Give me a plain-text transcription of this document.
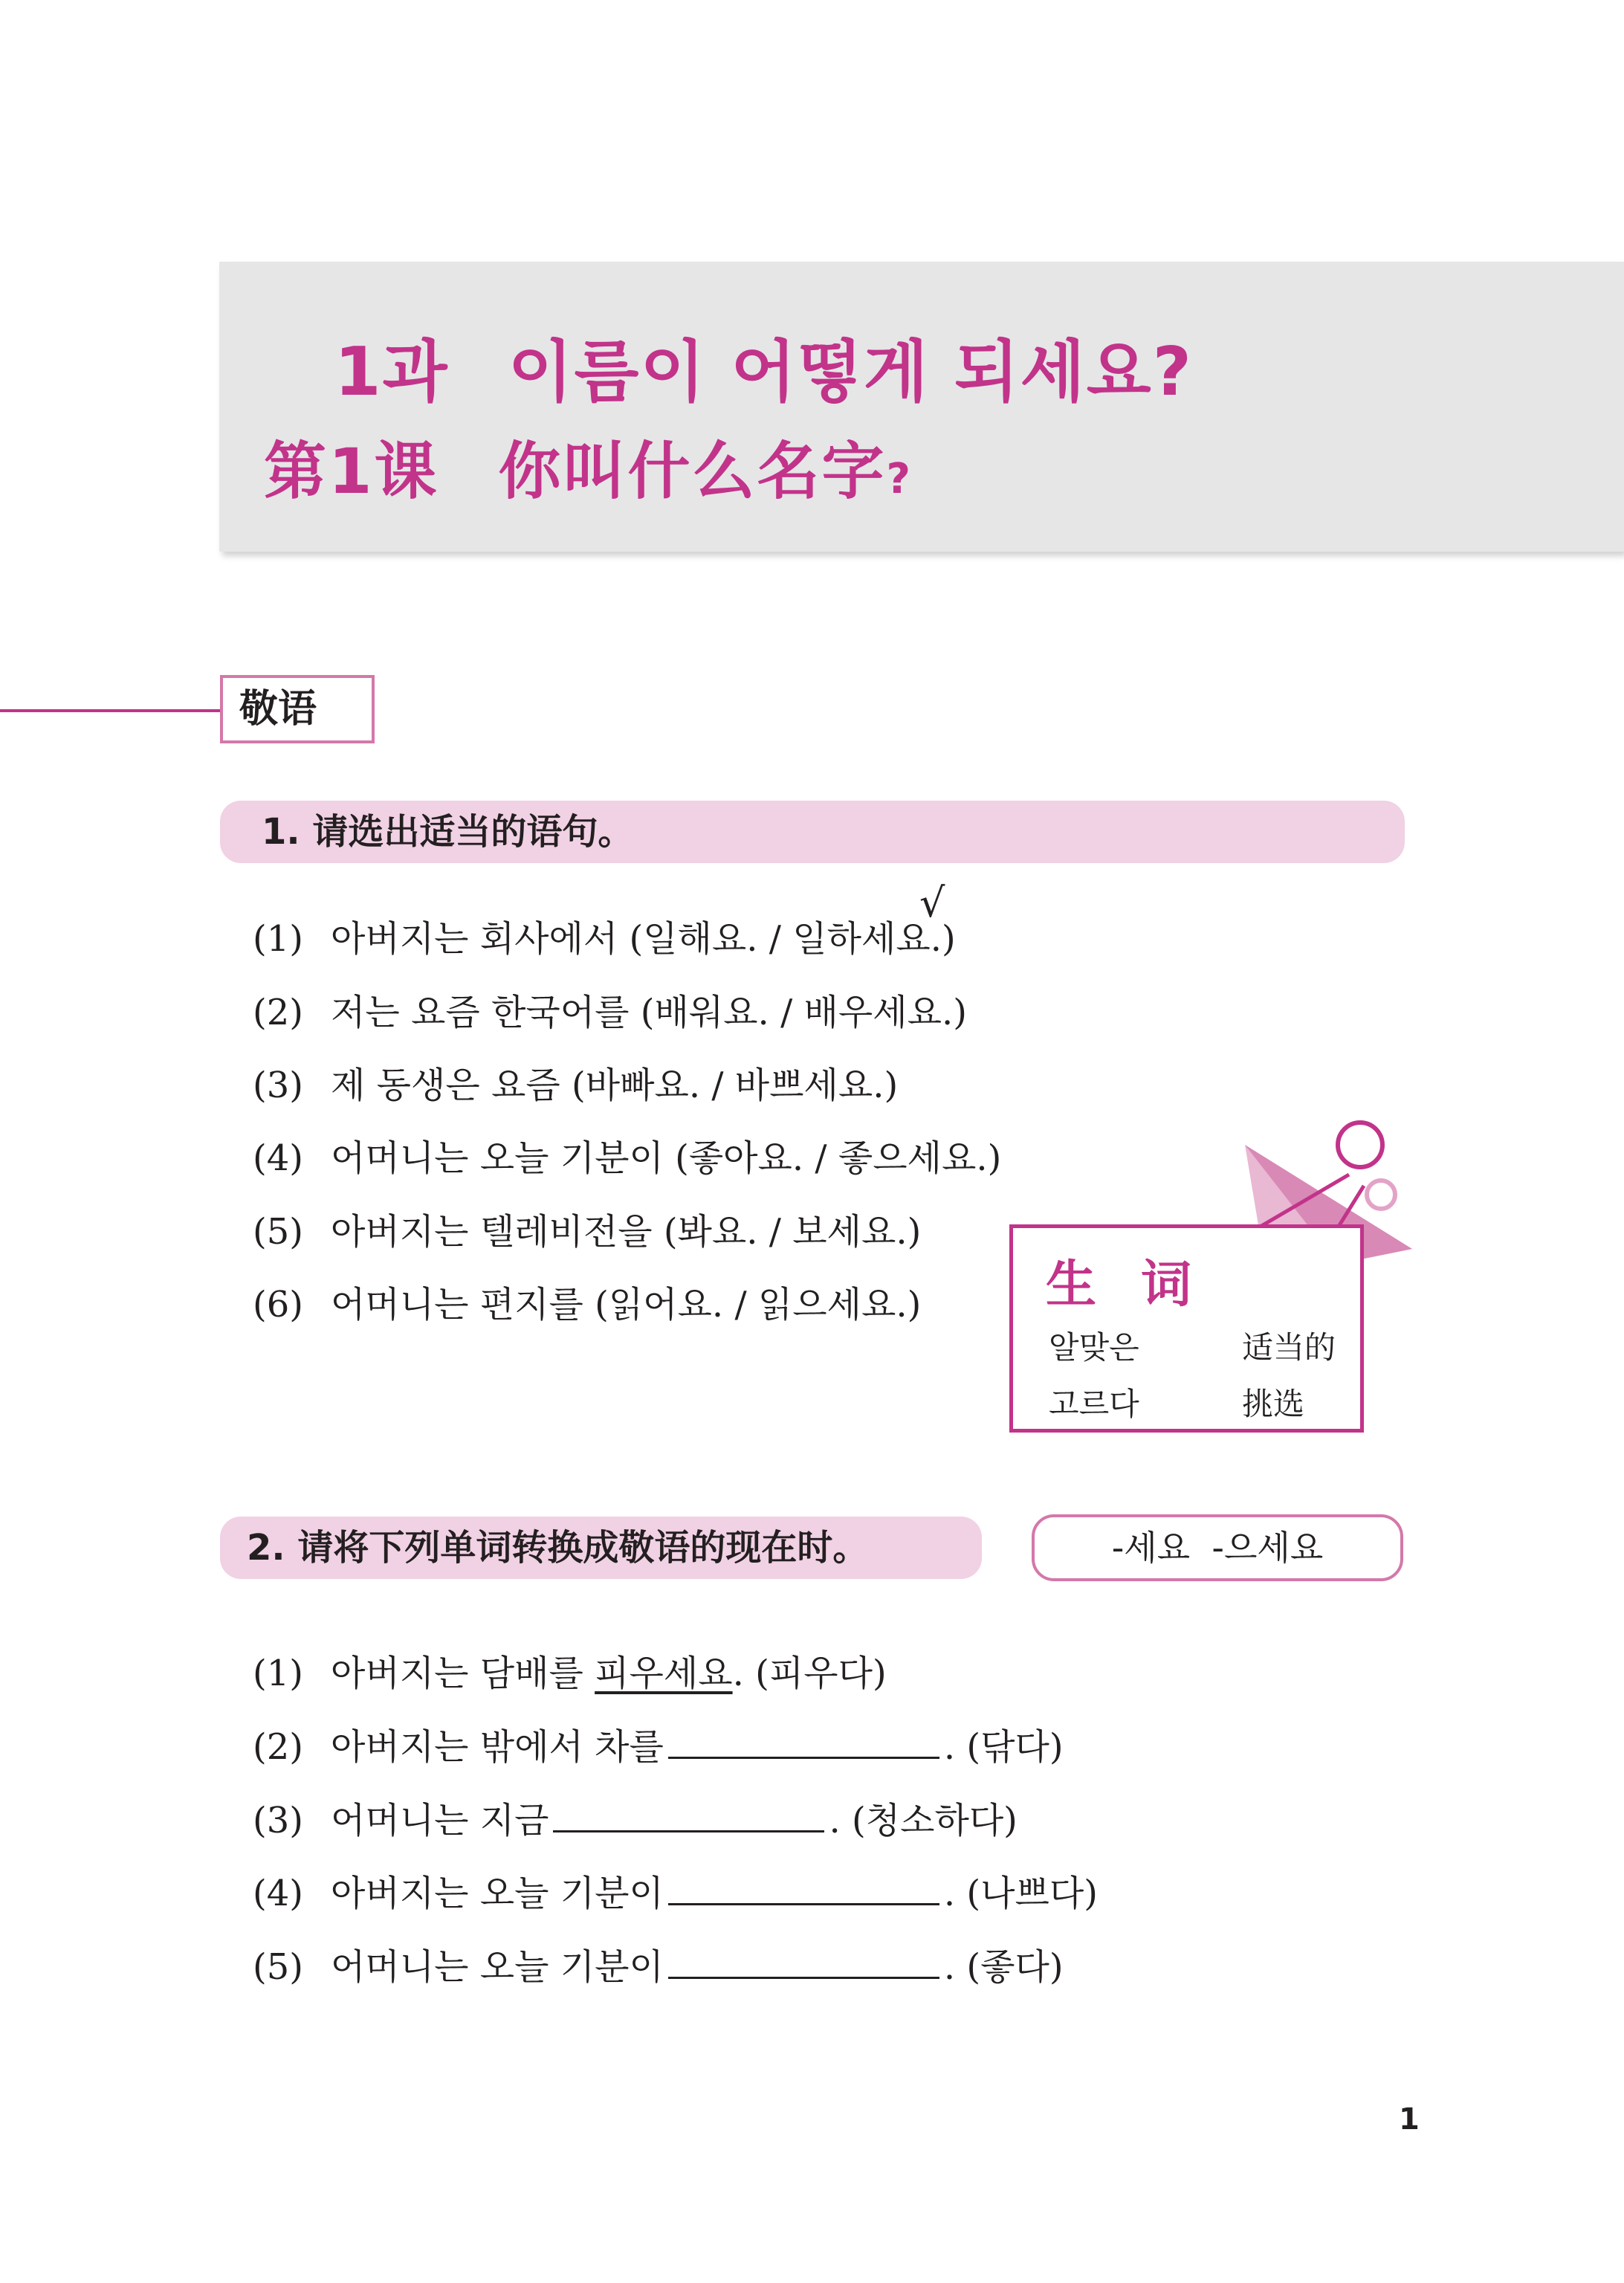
1과 이름이 어떻게 되세요?
第1课 你叫什么名字?
敬语
1. 请选出适当的语句。
√
(1) 아버지는 회사에서 (일해요. / 일하세요.)
(2) 저는 요즘 한국어를 (배워요. / 배우세요.)
(3) 제 동생은 요즘 (바빠요. / 바쁘세요.)
(4) 어머니는 오늘 기분이 (좋아요. / 좋으세요.)
(5) 아버지는 텔레비전을 (봐요. / 보세요.)
(6) 어머니는 편지를 (읽어요. / 읽으세요.) 生词
알맞은	适当的
고르다	挑选
2. 请将下列单词转换成敬语的现在时。	-세요  -으세요
(1) 아버지는 담배를 피우세요. (피우다)
(2) 아버지는 밖에서 차를	. (닦다)
(3) 어머니는 지금	. (청소하다)
(4) 아버지는 오늘 기분이	. (나쁘다)
(5) 어머니는 오늘 기분이	. (좋다)
1
